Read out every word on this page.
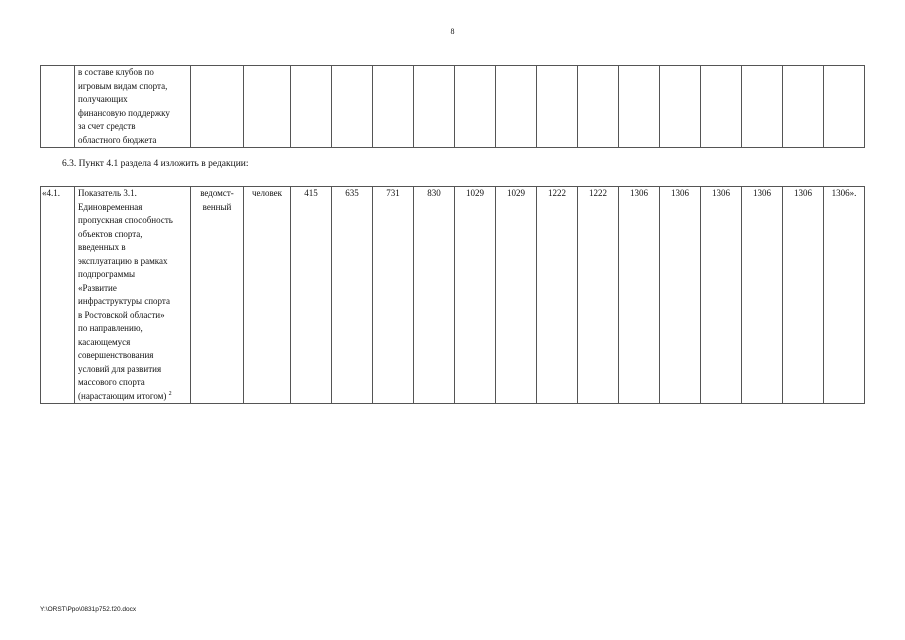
8
	в составе клубов по
игровым видам спорта,
получающих
финансовую поддержку
за счет средств
областного бюджета																
6.3. Пункт 4.1 раздела 4 изложить в редакции:
«4.1.	Показатель 3.1.
Единовременная
пропускная способность
объектов спорта,
введенных в
эксплуатацию в рамках
подпрограммы
«Развитие
инфраструктуры спорта
в Ростовской области»
по направлению,
касающемуся
совершенствования
условий для развития
массового спорта
(нарастающим итогом) $^2$	ведомст-
венный	человек	415	635	731	830	1029	1029	1222	1222	1306	1306	1306	1306	1306	1306».
Y:\ORST\Ppo\0831p752.f20.docx
